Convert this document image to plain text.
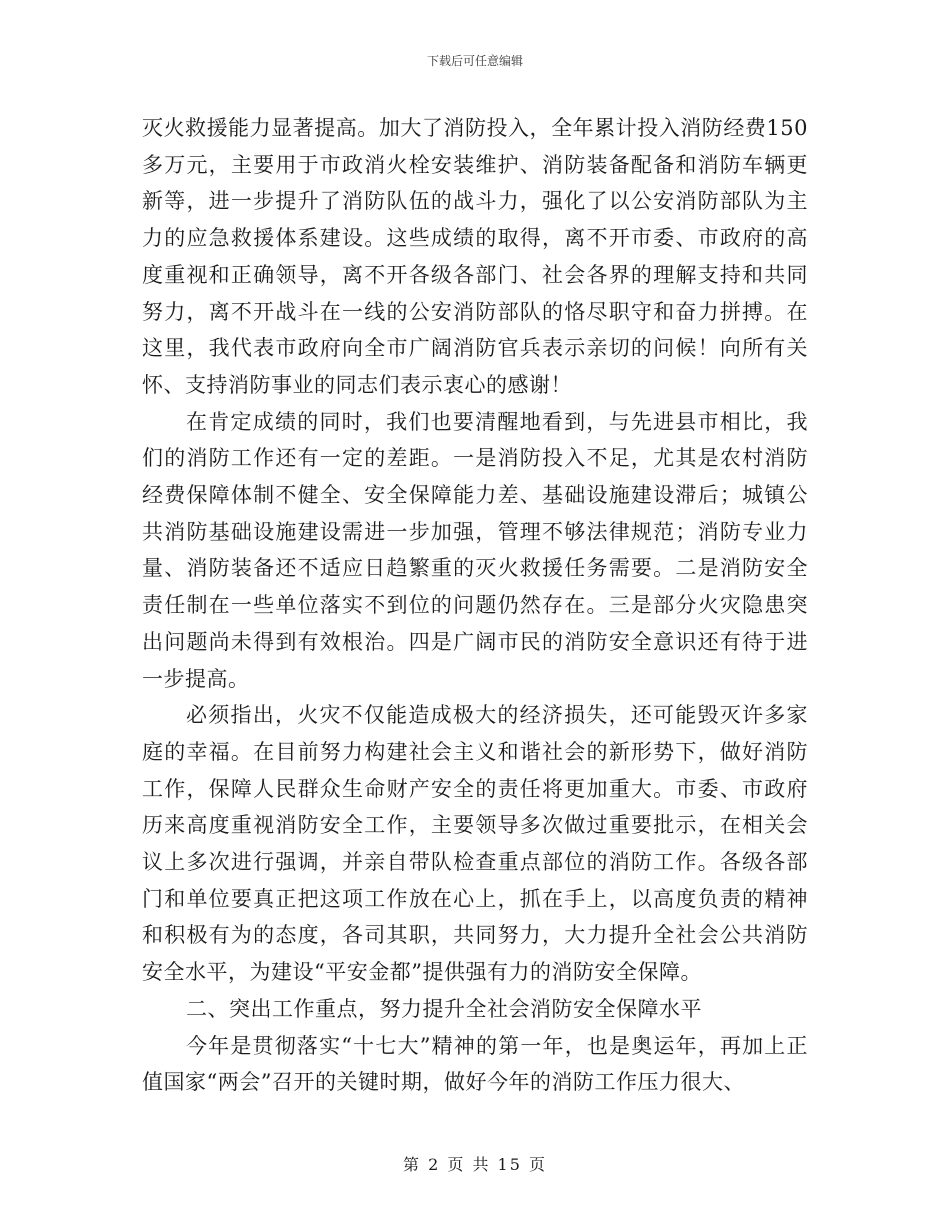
下载后可任意编辑

灭火救援能力显著提高。加大了消防投入，全年累计投入消防经费150多万元，主要用于市政消火栓安装维护、消防装备配备和消防车辆更新等，进一步提升了消防队伍的战斗力，强化了以公安消防部队为主力的应急救援体系建设。这些成绩的取得，离不开市委、市政府的高度重视和正确领导，离不开各级各部门、社会各界的理解支持和共同努力，离不开战斗在一线的公安消防部队的恪尽职守和奋力拼搏。在这里，我代表市政府向全市广阔消防官兵表示亲切的问候！向所有关怀、支持消防事业的同志们表示衷心的感谢！

在肯定成绩的同时，我们也要清醒地看到，与先进县市相比，我们的消防工作还有一定的差距。一是消防投入不足，尤其是农村消防经费保障体制不健全、安全保障能力差、基础设施建设滞后；城镇公共消防基础设施建设需进一步加强，管理不够法律规范；消防专业力量、消防装备还不适应日趋繁重的灭火救援任务需要。二是消防安全责任制在一些单位落实不到位的问题仍然存在。三是部分火灾隐患突出问题尚未得到有效根治。四是广阔市民的消防安全意识还有待于进一步提高。

必须指出，火灾不仅能造成极大的经济损失，还可能毁灭许多家庭的幸福。在目前努力构建社会主义和谐社会的新形势下，做好消防工作，保障人民群众生命财产安全的责任将更加重大。市委、市政府历来高度重视消防安全工作，主要领导多次做过重要批示，在相关会议上多次进行强调，并亲自带队检查重点部位的消防工作。各级各部门和单位要真正把这项工作放在心上，抓在手上，以高度负责的精神和积极有为的态度，各司其职，共同努力，大力提升全社会公共消防安全水平，为建设“平安金都”提供强有力的消防安全保障。

二、突出工作重点，努力提升全社会消防安全保障水平

今年是贯彻落实“十七大”精神的第一年，也是奥运年，再加上正值国家“两会”召开的关键时期，做好今年的消防工作压力很大、

第 2 页 共 15 页
